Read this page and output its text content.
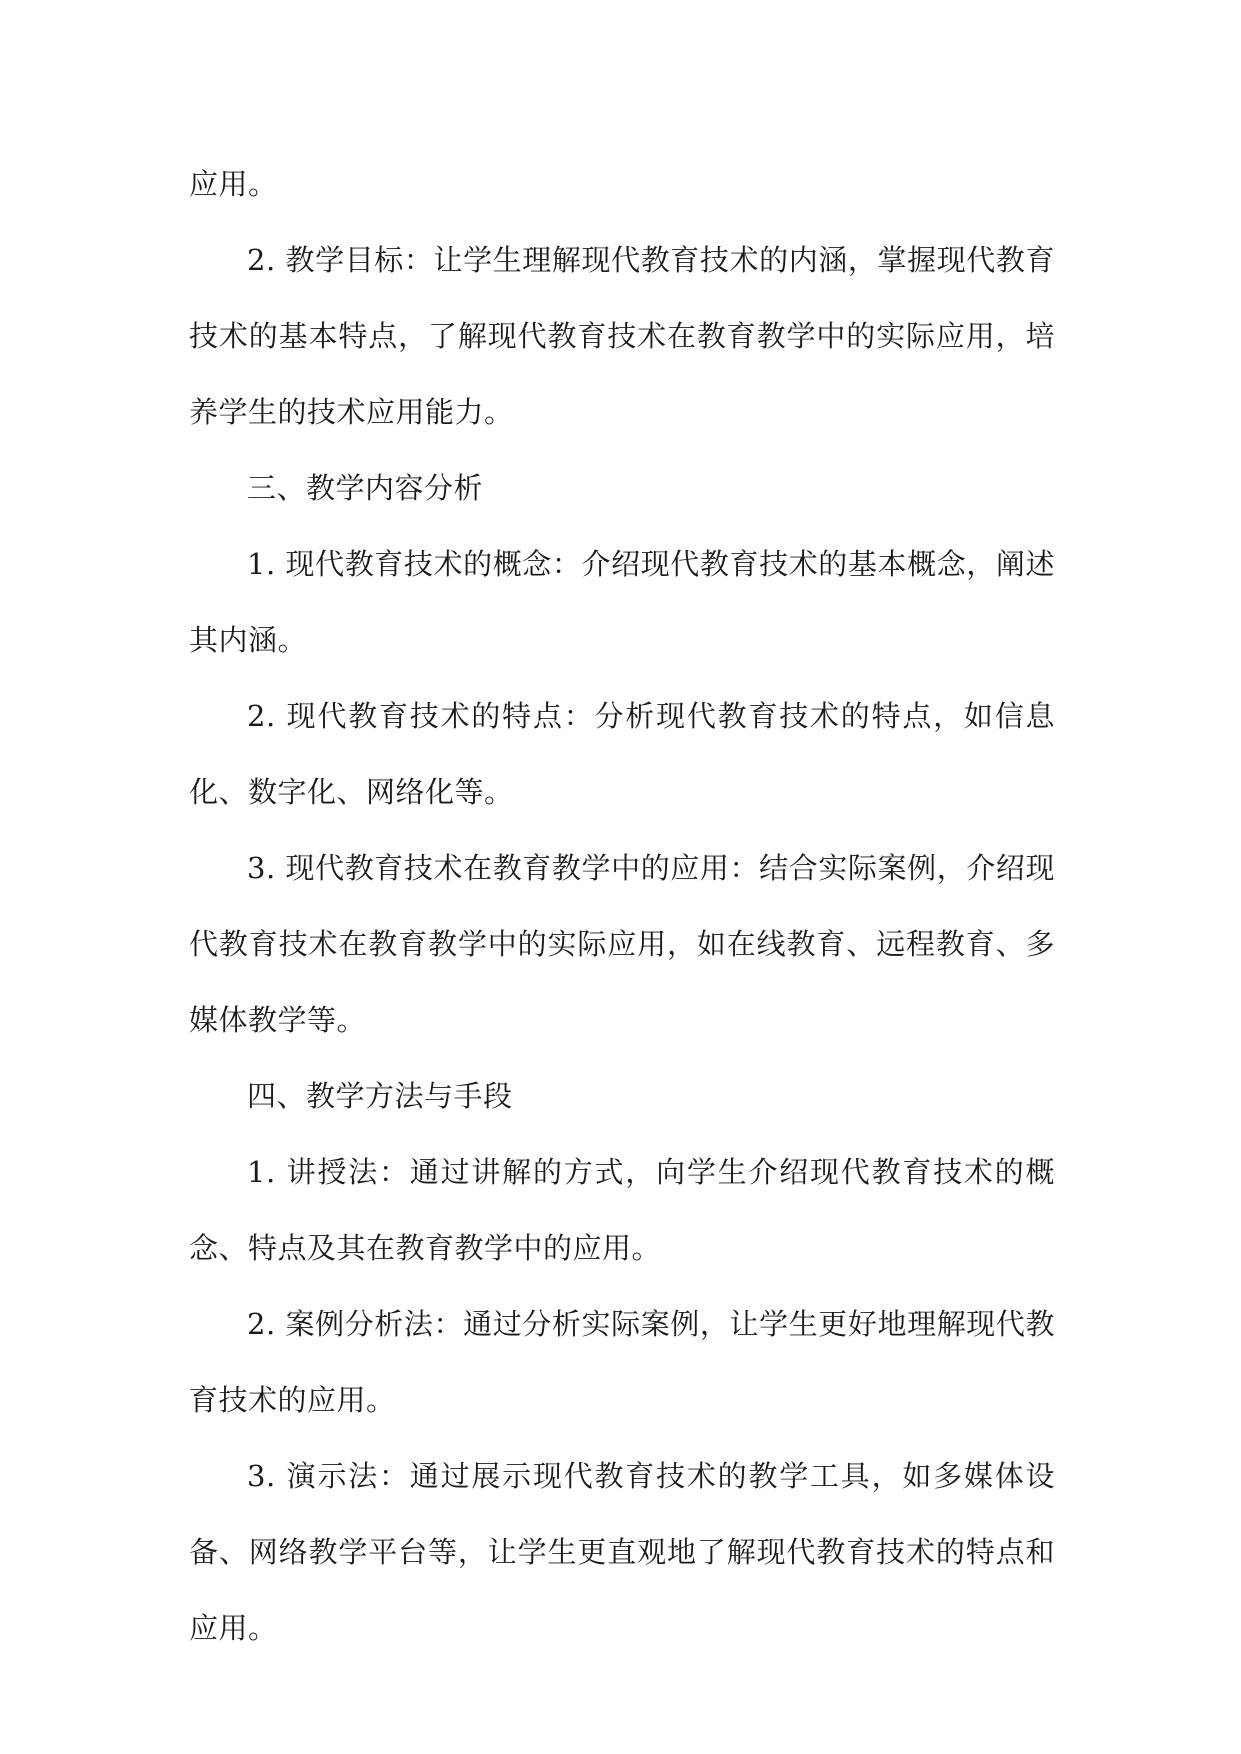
应用。

2. 教学目标：让学生理解现代教育技术的内涵，掌握现代教育技术的基本特点，了解现代教育技术在教育教学中的实际应用，培养学生的技术应用能力。

三、教学内容分析

1. 现代教育技术的概念：介绍现代教育技术的基本概念，阐述其内涵。

2. 现代教育技术的特点：分析现代教育技术的特点，如信息化、数字化、网络化等。

3. 现代教育技术在教育教学中的应用：结合实际案例，介绍现代教育技术在教育教学中的实际应用，如在线教育、远程教育、多媒体教学等。

四、教学方法与手段

1. 讲授法：通过讲解的方式，向学生介绍现代教育技术的概念、特点及其在教育教学中的应用。

2. 案例分析法：通过分析实际案例，让学生更好地理解现代教育技术的应用。

3. 演示法：通过展示现代教育技术的教学工具，如多媒体设备、网络教学平台等，让学生更直观地了解现代教育技术的特点和应用。
